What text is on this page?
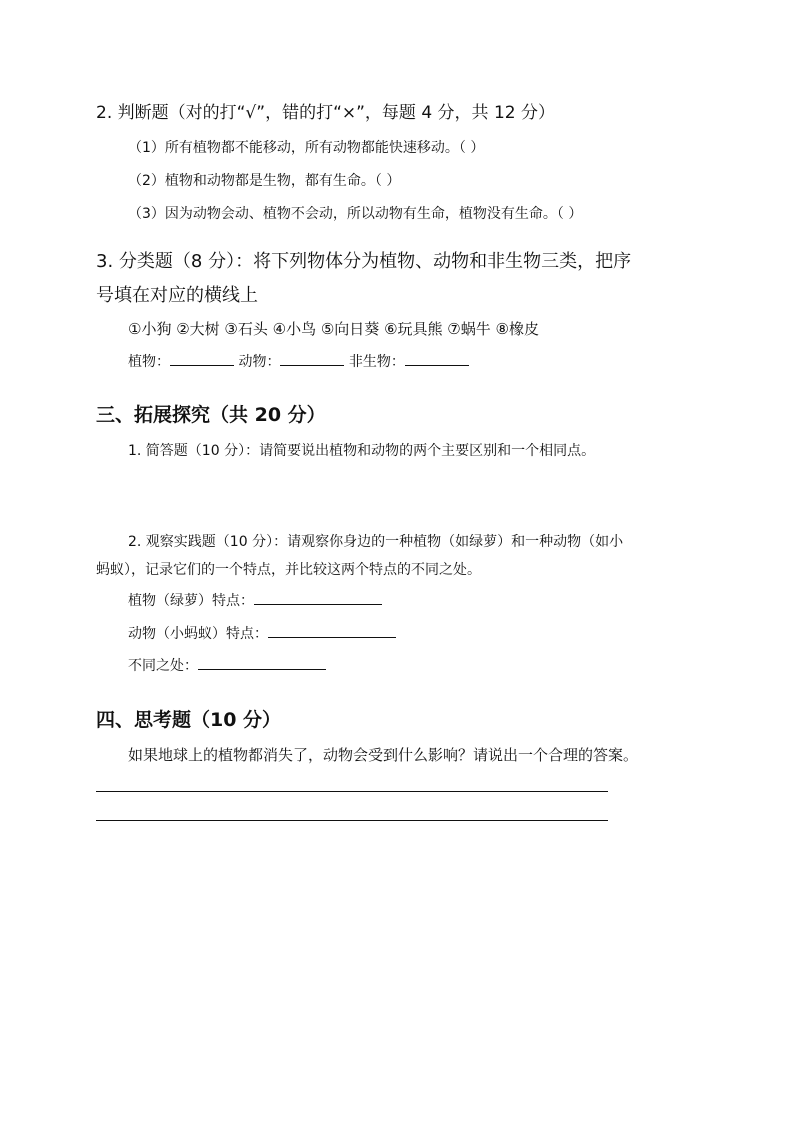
2. 判断题（对的打“√”，错的打“×”，每题 4 分，共 12 分）
（1）所有植物都不能移动，所有动物都能快速移动。（ ）
（2）植物和动物都是生物，都有生命。（ ）
（3）因为动物会动、植物不会动，所以动物有生命，植物没有生命。（ ）
3. 分类题（8 分）：将下列物体分为植物、动物和非生物三类，把序
号填在对应的横线上
①小狗 ②大树 ③石头 ④小鸟 ⑤向日葵 ⑥玩具熊 ⑦蜗牛 ⑧橡皮
植物：	动物：	非生物：
三、拓展探究（共 20 分）
1. 简答题（10 分）：请简要说出植物和动物的两个主要区别和一个相同点。
2. 观察实践题（10 分）：请观察你身边的一种植物（如绿萝）和一种动物（如小
蚂蚁），记录它们的一个特点，并比较这两个特点的不同之处。
植物（绿萝）特点：
动物（小蚂蚁）特点：
不同之处：
四、思考题（10 分）
如果地球上的植物都消失了，动物会受到什么影响？请说出一个合理的答案。
